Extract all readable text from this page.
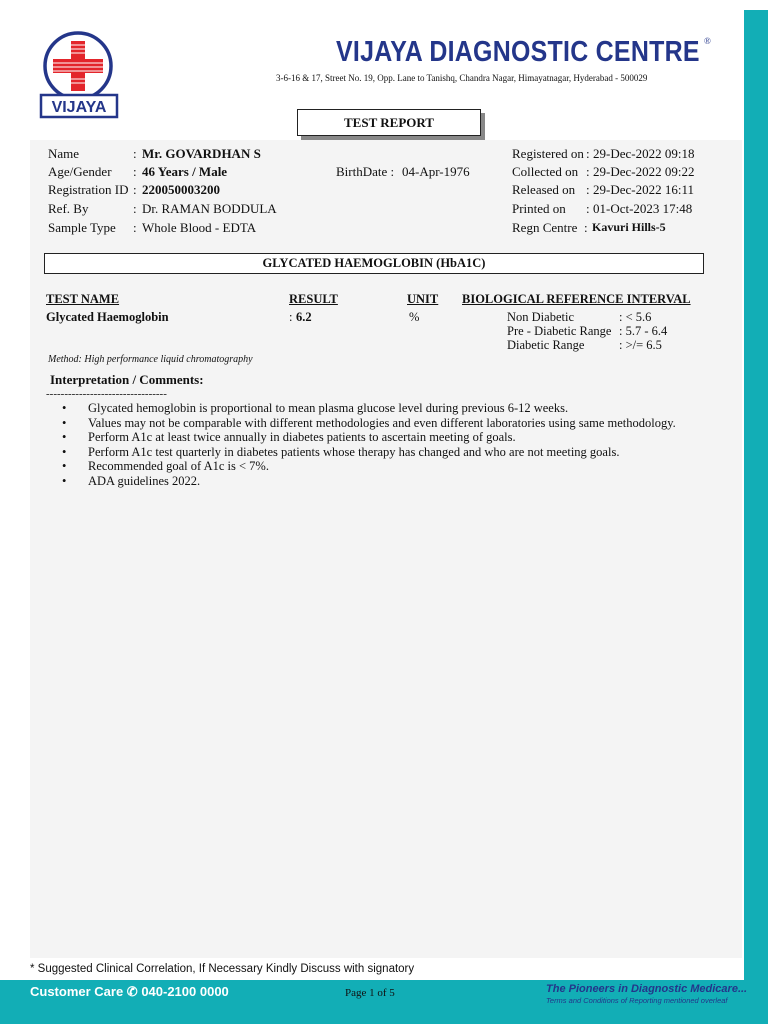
VIJAYA
VIJAYA DIAGNOSTIC CENTRE ®
3-6-16 & 17, Street No. 19, Opp. Lane to Tanishq, Chandra Nagar, Himayatnagar, Hyderabad - 500029
TEST REPORT
Name	: Mr. GOVARDHAN S
Age/Gender : 46 Years / Male	BirthDate : 04-Apr-1976
Registration ID : 220050003200
Ref. By	: Dr. RAMAN BODDULA
Sample Type : Whole Blood - EDTA
Registered on : 29-Dec-2022 09:18
Collected on : 29-Dec-2022 09:22
Released on : 29-Dec-2022 16:11
Printed on : 01-Oct-2023 17:48
Regn Centre : Kavuri Hills-5
GLYCATED HAEMOGLOBIN (HbA1C)
TEST NAME	RESULT	UNIT BIOLOGICAL REFERENCE INTERVAL
Glycated Haemoglobin	: 6.2	%	Non Diabetic	: < 5.6
Pre - Diabetic Range : 5.7 - 6.4
Diabetic Range	: >/= 6.5
Method: High performance liquid chromatography
Interpretation / Comments:
---------------------------------
• Glycated hemoglobin is proportional to mean plasma glucose level during previous 6-12 weeks.
• Values may not be comparable with different methodologies and even different laboratories using same methodology.
• Perform A1c at least twice annually in diabetes patients to ascertain meeting of goals.
• Perform A1c test quarterly in diabetes patients whose therapy has changed and who are not meeting goals.
• Recommended goal of A1c is < 7%.
• ADA guidelines 2022.
* Suggested Clinical Correlation, If Necessary Kindly Discuss with signatory
Customer Care ✆ 040-2100 0000	Page 1 of 5	The Pioneers in Diagnostic Medicare...
Terms and Conditions of Reporting mentioned overleaf
